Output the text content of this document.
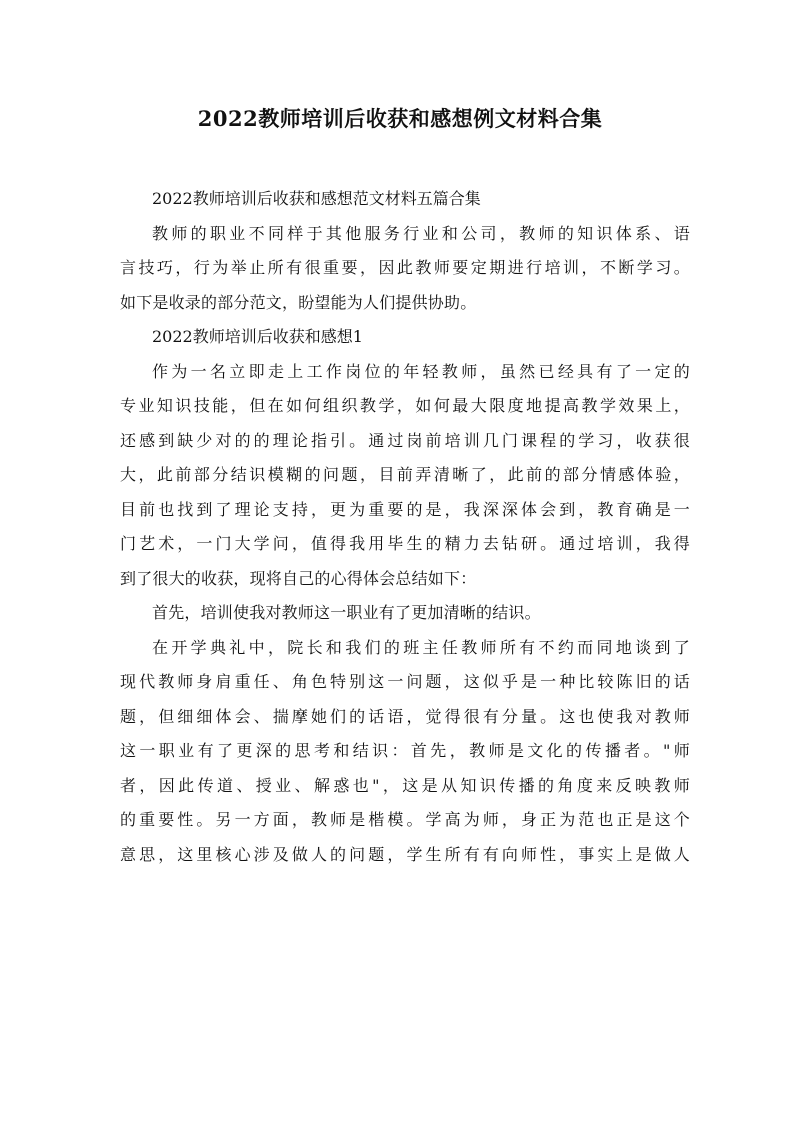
2022教师培训后收获和感想例文材料合集

2022教师培训后收获和感想范文材料五篇合集

教师的职业不同样于其他服务行业和公司，教师的知识体系、语
言技巧，行为举止所有很重要，因此教师要定期进行培训，不断学习。
如下是收录的部分范文，盼望能为人们提供协助。

2022教师培训后收获和感想1

作为一名立即走上工作岗位的年轻教师，虽然已经具有了一定的
专业知识技能，但在如何组织教学，如何最大限度地提高教学效果上，
还感到缺少对的的理论指引。通过岗前培训几门课程的学习，收获很
大，此前部分结识模糊的问题，目前弄清晰了，此前的部分情感体验，
目前也找到了理论支持，更为重要的是，我深深体会到，教育确是一
门艺术，一门大学问，值得我用毕生的精力去钻研。通过培训，我得
到了很大的收获，现将自己的心得体会总结如下：

首先，培训使我对教师这一职业有了更加清晰的结识。

在开学典礼中，院长和我们的班主任教师所有不约而同地谈到了
现代教师身肩重任、角色特别这一问题，这似乎是一种比较陈旧的话
题，但细细体会、揣摩她们的话语，觉得很有分量。这也使我对教师
这一职业有了更深的思考和结识：首先，教师是文化的传播者。"师
者，因此传道、授业、解惑也"，这是从知识传播的角度来反映教师
的重要性。另一方面，教师是楷模。学高为师，身正为范也正是这个
意思，这里核心涉及做人的问题，学生所有有向师性，事实上是做人
